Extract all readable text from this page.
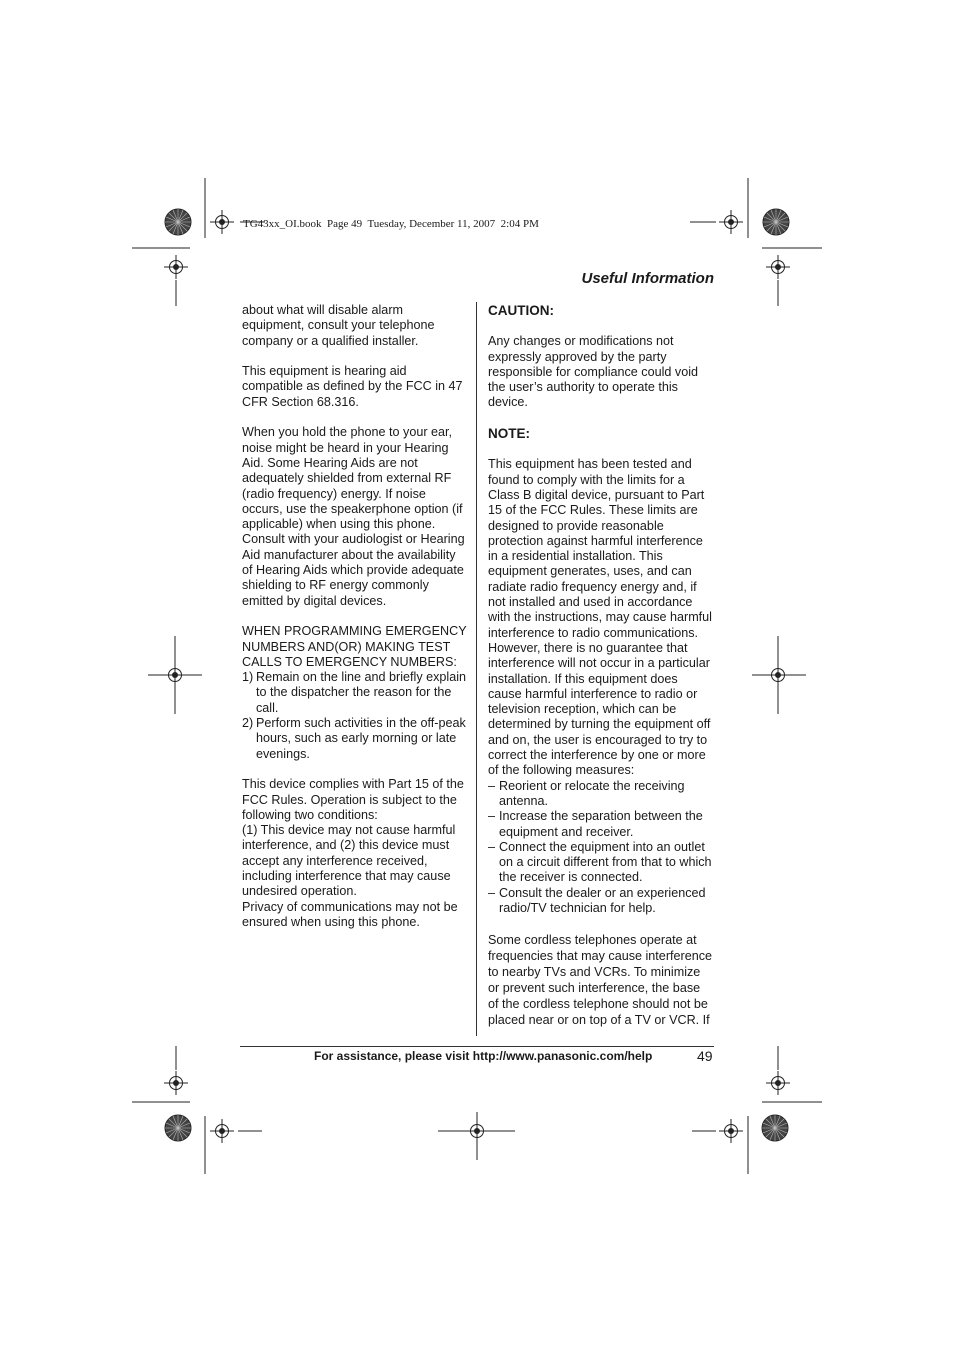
TG43xx_OI.book  Page 49  Tuesday, December 11, 2007  2:04 PM
Useful Information

about what will disable alarm equipment, consult your telephone company or a qualified installer.

This equipment is hearing aid compatible as defined by the FCC in 47 CFR Section 68.316.

When you hold the phone to your ear, noise might be heard in your Hearing Aid. Some Hearing Aids are not adequately shielded from external RF (radio frequency) energy. If noise occurs, use the speakerphone option (if applicable) when using this phone. Consult with your audiologist or Hearing Aid manufacturer about the availability of Hearing Aids which provide adequate shielding to RF energy commonly emitted by digital devices.

WHEN PROGRAMMING EMERGENCY NUMBERS AND(OR) MAKING TEST CALLS TO EMERGENCY NUMBERS:

1) Remain on the line and briefly explain to the dispatcher the reason for the call.
2) Perform such activities in the off-peak hours, such as early morning or late evenings.

This device complies with Part 15 of the FCC Rules. Operation is subject to the following two conditions:

(1) This device may not cause harmful interference, and (2) this device must accept any interference received, including interference that may cause undesired operation.

Privacy of communications may not be ensured when using this phone.

CAUTION:

Any changes or modifications not expressly approved by the party responsible for compliance could void the user’s authority to operate this device.

NOTE:

This equipment has been tested and found to comply with the limits for a Class B digital device, pursuant to Part 15 of the FCC Rules. These limits are designed to provide reasonable protection against harmful interference in a residential installation. This equipment generates, uses, and can radiate radio frequency energy and, if not installed and used in accordance with the instructions, may cause harmful interference to radio communications. However, there is no guarantee that interference will not occur in a particular installation. If this equipment does cause harmful interference to radio or television reception, which can be determined by turning the equipment off and on, the user is encouraged to try to correct the interference by one or more of the following measures:

– Reorient or relocate the receiving antenna.
– Increase the separation between the equipment and receiver.
– Connect the equipment into an outlet on a circuit different from that to which the receiver is connected.
– Consult the dealer or an experienced radio/TV technician for help.

Some cordless telephones operate at frequencies that may cause interference to nearby TVs and VCRs. To minimize or prevent such interference, the base of the cordless telephone should not be placed near or on top of a TV or VCR. If

For assistance, please visit http://www.panasonic.com/help	49
